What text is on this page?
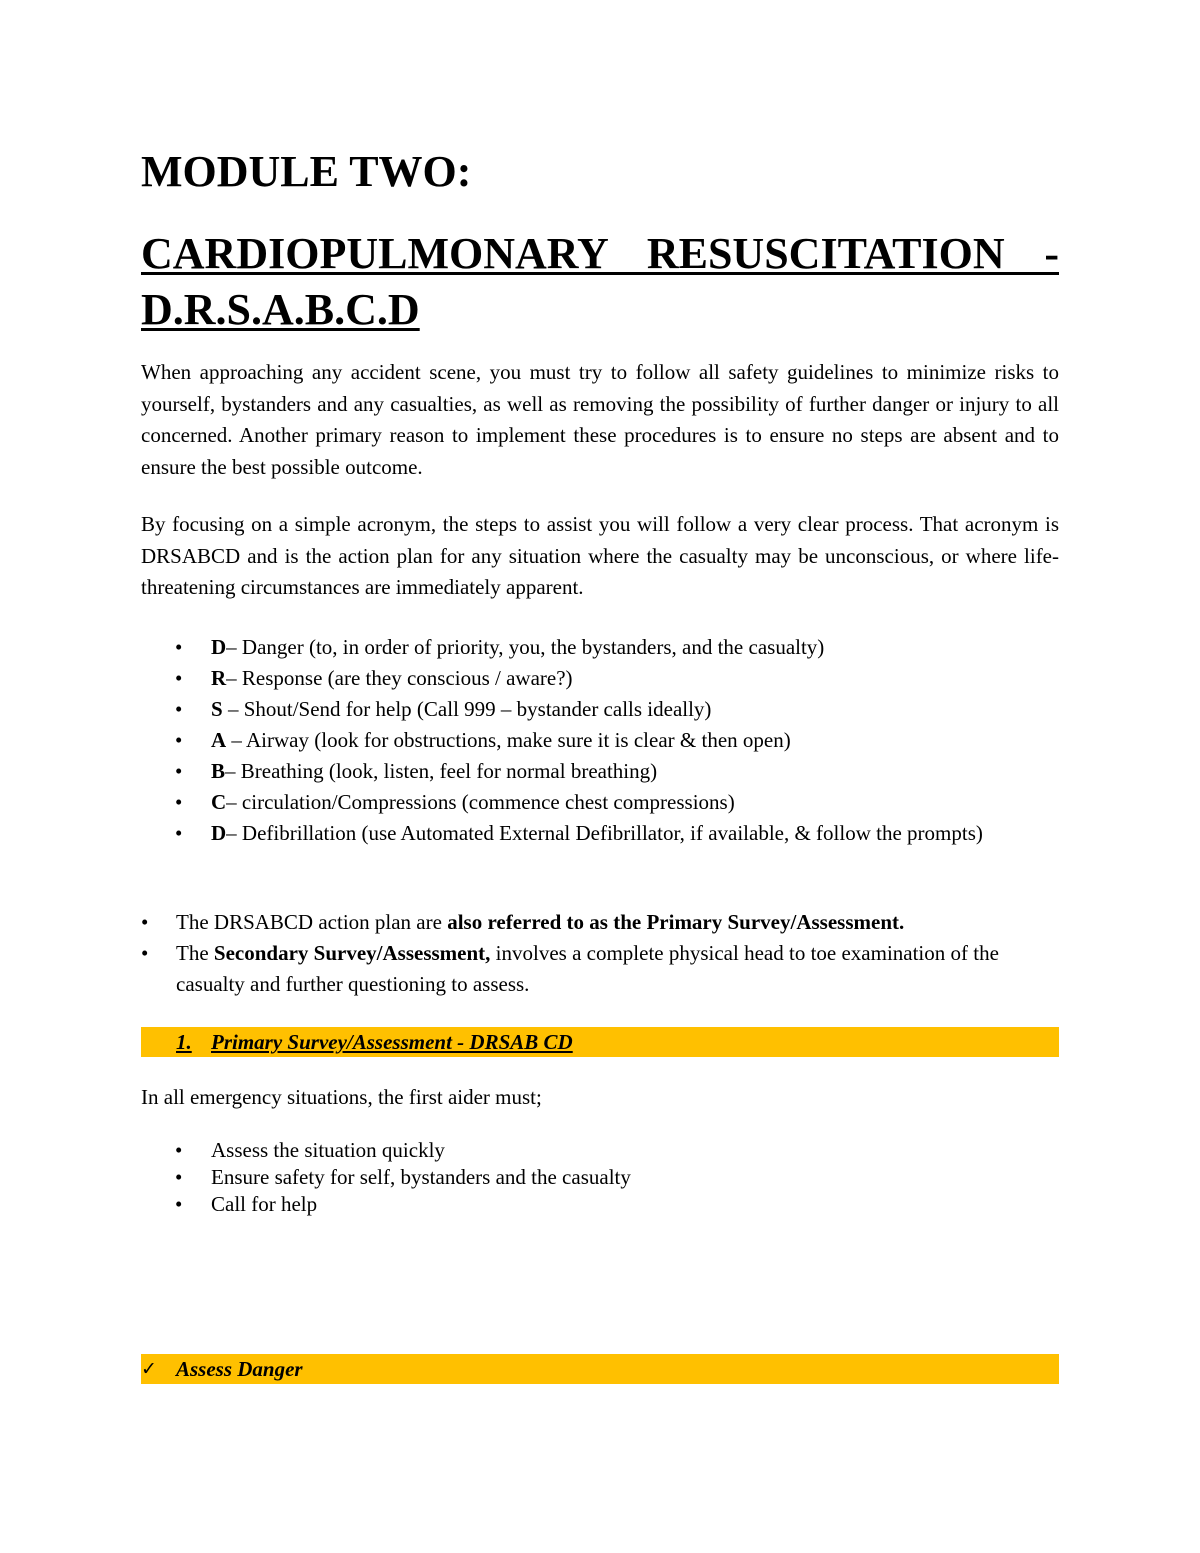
MODULE TWO:
CARDIOPULMONARY RESUSCITATION - D.R.S.A.B.C.D

When approaching any accident scene, you must try to follow all safety guidelines to minimize risks to yourself, bystanders and any casualties, as well as removing the possibility of further danger or injury to all concerned. Another primary reason to implement these procedures is to ensure no steps are absent and to ensure the best possible outcome.

By focusing on a simple acronym, the steps to assist you will follow a very clear process. That acronym is DRSABCD and is the action plan for any situation where the casualty may be unconscious, or where life-threatening circumstances are immediately apparent.

• D– Danger (to, in order of priority, you, the bystanders, and the casualty)
• R– Response (are they conscious / aware?)
• S – Shout/Send for help (Call 999 – bystander calls ideally)
• A – Airway (look for obstructions, make sure it is clear & then open)
• B– Breathing (look, listen, feel for normal breathing)
• C– circulation/Compressions (commence chest compressions)
• D– Defibrillation (use Automated External Defibrillator, if available, & follow the prompts)
• The DRSABCD action plan are also referred to as the Primary Survey/Assessment.
• The Secondary Survey/Assessment, involves a complete physical head to toe examination of the casualty and further questioning to assess.
1. Primary Survey/Assessment - DRSAB CD

In all emergency situations, the first aider must;

• Assess the situation quickly
• Ensure safety for self, bystanders and the casualty
• Call for help
✓ Assess Danger
